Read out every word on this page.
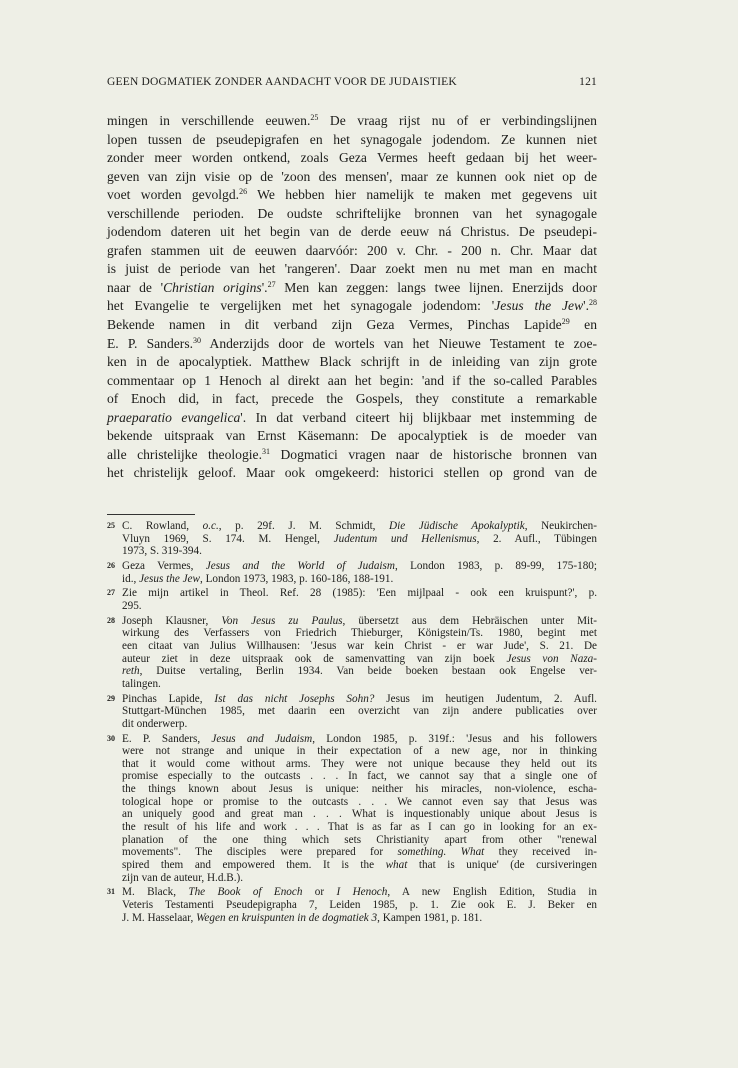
GEEN DOGMATIEK ZONDER AANDACHT VOOR DE JUDAISTIEK	121
mingen in verschillende eeuwen.$^{25}$ De vraag rijst nu of er verbindingslijnen
lopen tussen de pseudepigrafen en het synagogale jodendom. Ze kunnen niet
zonder meer worden ontkend, zoals Geza Vermes heeft gedaan bij het weer-
geven van zijn visie op de 'zoon des mensen', maar ze kunnen ook niet op de
voet worden gevolgd.$^{26}$ We hebben hier namelijk te maken met gegevens uit
verschillende perioden. De oudste schriftelijke bronnen van het synagogale
jodendom dateren uit het begin van de derde eeuw ná Christus. De pseudepi-
grafen stammen uit de eeuwen daarvóór: 200 v. Chr. - 200 n. Chr. Maar dat
is juist de periode van het 'rangeren'. Daar zoekt men nu met man en macht
naar de 'Christian origins'.$^{27}$ Men kan zeggen: langs twee lijnen. Enerzijds door
het Evangelie te vergelijken met het synagogale jodendom: 'Jesus the Jew'.$^{28}$
Bekende namen in dit verband zijn Geza Vermes, Pinchas Lapide$^{29}$ en
E. P. Sanders.$^{30}$ Anderzijds door de wortels van het Nieuwe Testament te zoe-
ken in de apocalyptiek. Matthew Black schrijft in de inleiding van zijn grote
commentaar op 1 Henoch al direkt aan het begin: 'and if the so-called Parables
of Enoch did, in fact, precede the Gospels, they constitute a remarkable
praeparatio evangelica'. In dat verband citeert hij blijkbaar met instemming de
bekende uitspraak van Ernst Käsemann: De apocalyptiek is de moeder van
alle christelijke theologie.$^{31}$ Dogmatici vragen naar de historische bronnen van
het christelijk geloof. Maar ook omgekeerd: historici stellen op grond van de
25 C. Rowland, o.c., p. 29f. J. M. Schmidt, Die Jüdische Apokalyptik, Neukirchen-
Vluyn 1969, S. 174. M. Hengel, Judentum und Hellenismus, 2. Aufl., Tübingen
1973, S. 319-394.
26 Geza Vermes, Jesus and the World of Judaism, London 1983, p. 89-99, 175-180;
id., Jesus the Jew, London 1973, 1983, p. 160-186, 188-191.
27 Zie mijn artikel in Theol. Ref. 28 (1985): 'Een mijlpaal - ook een kruispunt?', p.
295.
28 Joseph Klausner, Von Jesus zu Paulus, übersetzt aus dem Hebräischen unter Mit-
wirkung des Verfassers von Friedrich Thieburger, Königstein/Ts. 1980, begint met
een citaat van Julius Willhausen: 'Jesus war kein Christ - er war Jude', S. 21. De
auteur ziet in deze uitspraak ook de samenvatting van zijn boek Jesus von Naza-
reth, Duitse vertaling, Berlin 1934. Van beide boeken bestaan ook Engelse ver-
talingen.
29 Pinchas Lapide, Ist das nicht Josephs Sohn? Jesus im heutigen Judentum, 2. Aufl.
Stuttgart-München 1985, met daarin een overzicht van zijn andere publicaties over
dit onderwerp.
30 E. P. Sanders, Jesus and Judaism, London 1985, p. 319f.: 'Jesus and his followers
were not strange and unique in their expectation of a new age, nor in thinking
that it would come without arms. They were not unique because they held out its
promise especially to the outcasts . . . In fact, we cannot say that a single one of
the things known about Jesus is unique: neither his miracles, non-violence, escha-
tological hope or promise to the outcasts . . . We cannot even say that Jesus was
an uniquely good and great man . . . What is inquestionably unique about Jesus is
the result of his life and work . . . That is as far as I can go in looking for an ex-
planation of the one thing which sets Christianity apart from other "renewal
movements". The disciples were prepared for something. What they received in-
spired them and empowered them. It is the what that is unique' (de cursiveringen
zijn van de auteur, H.d.B.).
31 M. Black, The Book of Enoch or I Henoch, A new English Edition, Studia in
Veteris Testamenti Pseudepigrapha 7, Leiden 1985, p. 1. Zie ook E. J. Beker en
J. M. Hasselaar, Wegen en kruispunten in de dogmatiek 3, Kampen 1981, p. 181.
